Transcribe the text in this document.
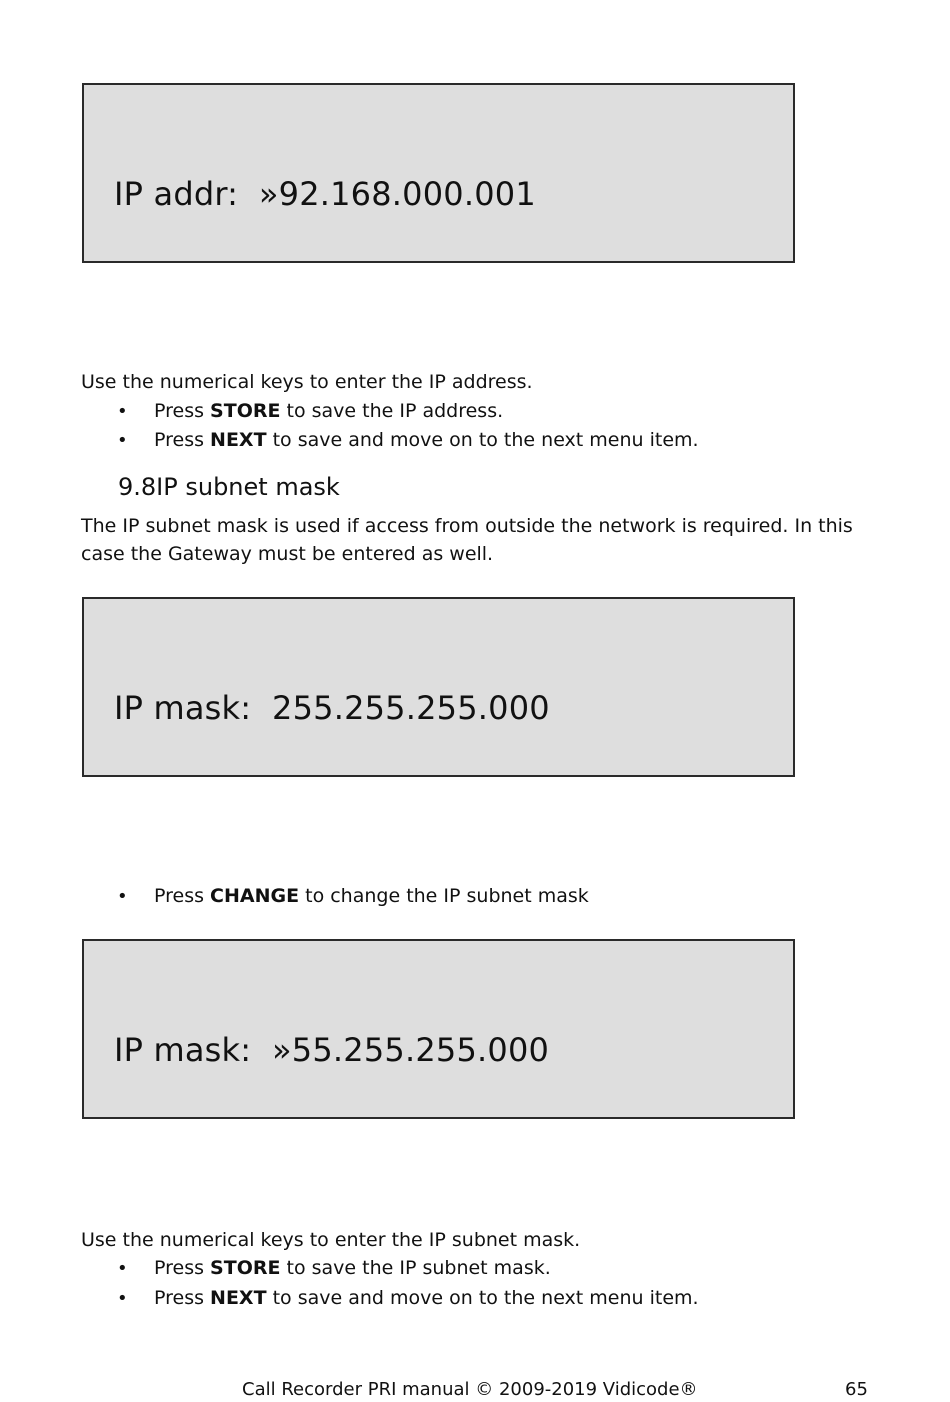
IP addr:  »92.168.000.001
Use the numerical keys to enter the IP address.
• Press STORE to save the IP address.
• Press NEXT to save and move on to the next menu item.
9.8IP subnet mask
The IP subnet mask is used if access from outside the network is required. In this
case the Gateway must be entered as well.
IP mask:  255.255.255.000
• Press CHANGE to change the IP subnet mask
IP mask:  »55.255.255.000
Use the numerical keys to enter the IP subnet mask.
• Press STORE to save the IP subnet mask.
• Press NEXT to save and move on to the next menu item.
Call Recorder PRI manual © 2009-2019 Vidicode®	65
